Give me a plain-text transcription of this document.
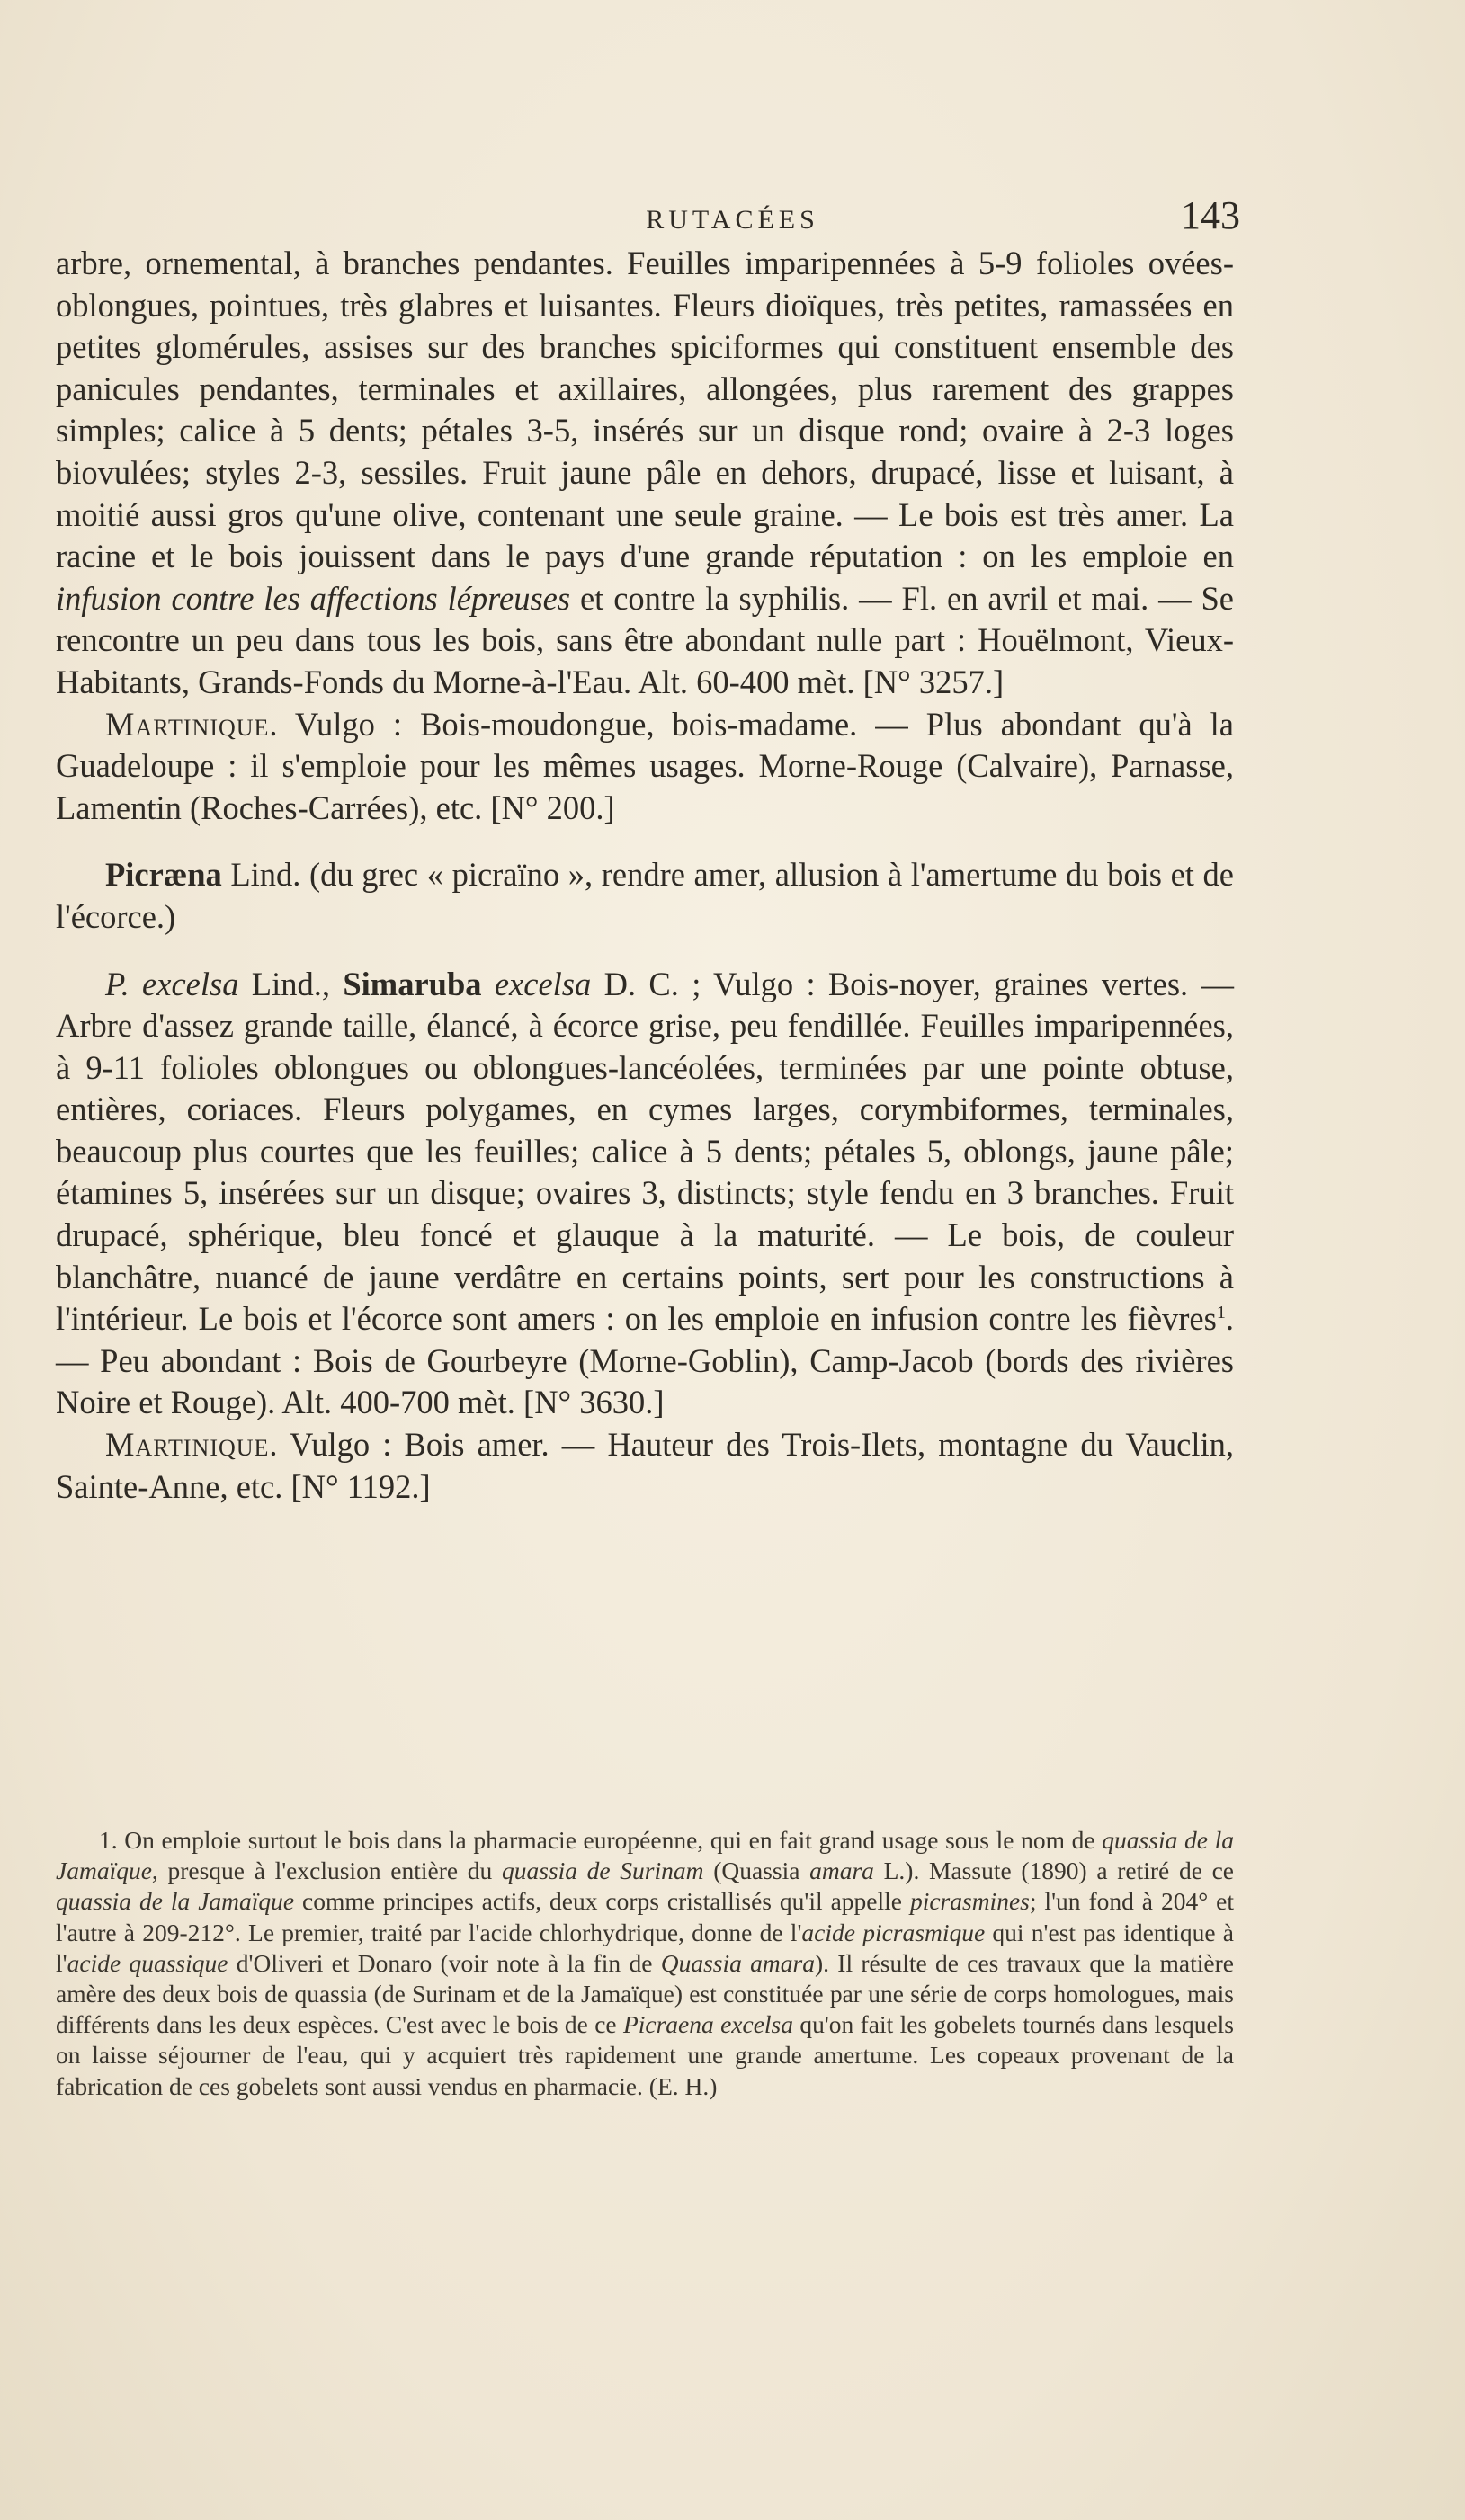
RUTACÉES	143

arbre, ornemental, à branches pendantes. Feuilles imparipennées à 5-9 folioles ovées-oblongues, pointues, très glabres et luisantes. Fleurs dioïques, très petites, ramassées en petites glomérules, assises sur des branches spiciformes qui constituent ensemble des panicules pendantes, terminales et axillaires, allongées, plus rarement des grappes simples; calice à 5 dents; pétales 3-5, insérés sur un disque rond; ovaire à 2-3 loges biovulées; styles 2-3, sessiles. Fruit jaune pâle en dehors, drupacé, lisse et luisant, à moitié aussi gros qu'une olive, contenant une seule graine. — Le bois est très amer. La racine et le bois jouissent dans le pays d'une grande réputation : on les emploie en infusion contre les affections lépreuses et contre la syphilis. — Fl. en avril et mai. — Se rencontre un peu dans tous les bois, sans être abondant nulle part : Houëlmont, Vieux-Habitants, Grands-Fonds du Morne-à-l'Eau. Alt. 60-400 mèt. [N° 3257.]

Martinique. Vulgo : Bois-moudongue, bois-madame. — Plus abondant qu'à la Guadeloupe : il s'emploie pour les mêmes usages. Morne-Rouge (Calvaire), Parnasse, Lamentin (Roches-Carrées), etc. [N° 200.]

Picræna Lind. (du grec « picraïno », rendre amer, allusion à l'amertume du bois et de l'écorce.)

P. excelsa Lind., Simaruba excelsa D. C. ; Vulgo : Bois-noyer, graines vertes. — Arbre d'assez grande taille, élancé, à écorce grise, peu fendillée. Feuilles imparipennées, à 9-11 folioles oblongues ou oblongues-lancéolées, terminées par une pointe obtuse, entières, coriaces. Fleurs polygames, en cymes larges, corymbiformes, terminales, beaucoup plus courtes que les feuilles; calice à 5 dents; pétales 5, oblongs, jaune pâle; étamines 5, insérées sur un disque; ovaires 3, distincts; style fendu en 3 branches. Fruit drupacé, sphérique, bleu foncé et glauque à la maturité. — Le bois, de couleur blanchâtre, nuancé de jaune verdâtre en certains points, sert pour les constructions à l'intérieur. Le bois et l'écorce sont amers : on les emploie en infusion contre les fièvres$^1$. — Peu abondant : Bois de Gourbeyre (Morne-Goblin), Camp-Jacob (bords des rivières Noire et Rouge). Alt. 400-700 mèt. [N° 3630.]

Martinique. Vulgo : Bois amer. — Hauteur des Trois-Ilets, montagne du Vauclin, Sainte-Anne, etc. [N° 1192.]

1. On emploie surtout le bois dans la pharmacie européenne, qui en fait grand usage sous le nom de quassia de la Jamaïque, presque à l'exclusion entière du quassia de Surinam (Quassia amara L.). Massute (1890) a retiré de ce quassia de la Jamaïque comme principes actifs, deux corps cristallisés qu'il appelle picrasmines; l'un fond à 204° et l'autre à 209-212°. Le premier, traité par l'acide chlorhydrique, donne de l'acide picrasmique qui n'est pas identique à l'acide quassique d'Oliveri et Donaro (voir note à la fin de Quassia amara). Il résulte de ces travaux que la matière amère des deux bois de quassia (de Surinam et de la Jamaïque) est constituée par une série de corps homologues, mais différents dans les deux espèces. C'est avec le bois de ce Picraena excelsa qu'on fait les gobelets tournés dans lesquels on laisse séjourner de l'eau, qui y acquiert très rapidement une grande amertume. Les copeaux provenant de la fabrication de ces gobelets sont aussi vendus en pharmacie. (E. H.)
